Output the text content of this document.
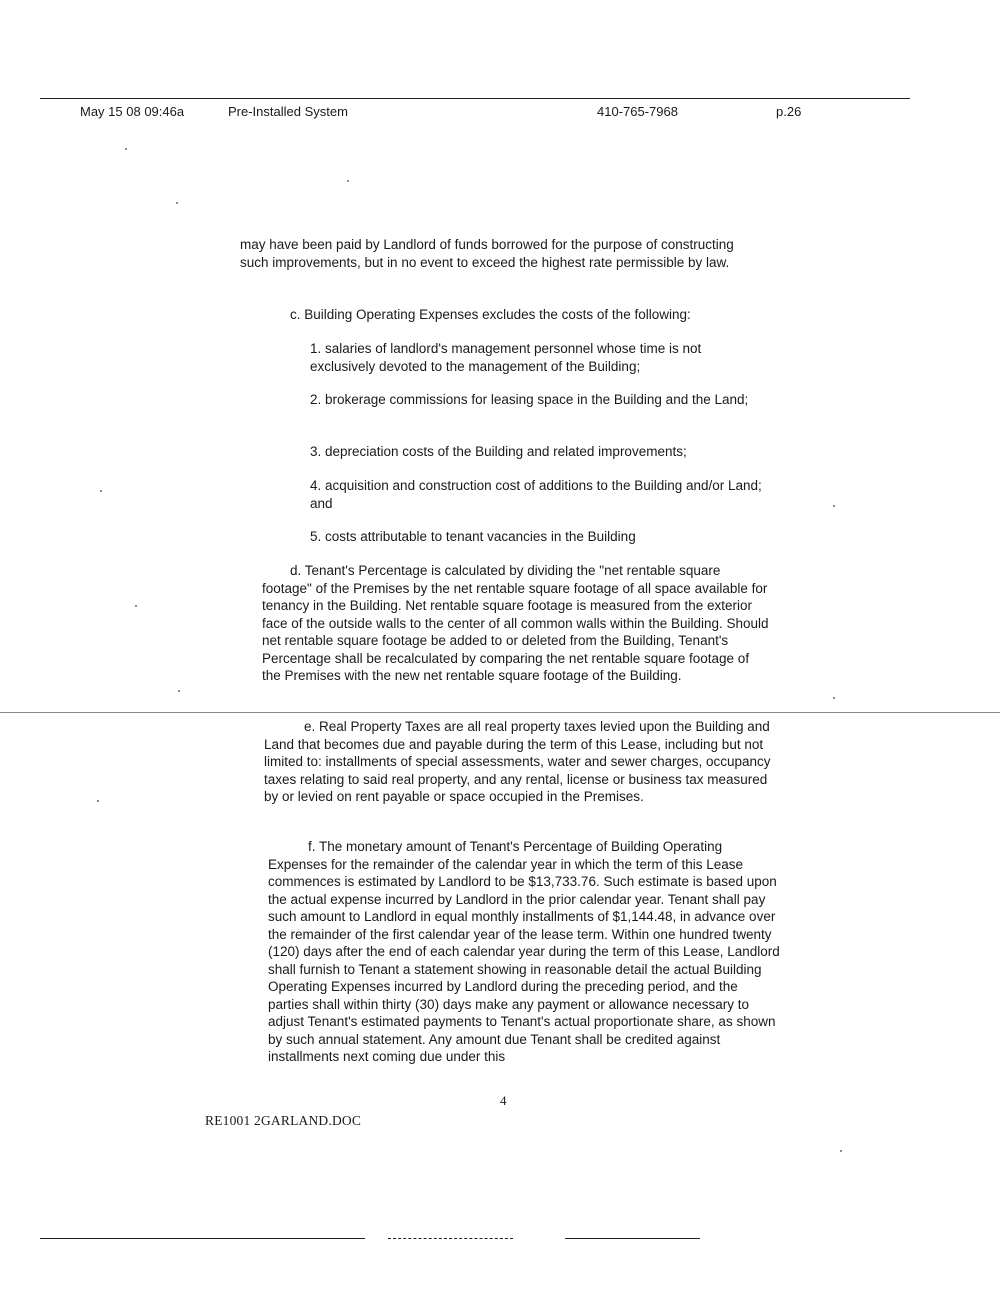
May 15 08 09:46a	Pre-Installed System	410-765-7968	p.26

may have been paid by Landlord of funds borrowed for the purpose of constructing such improvements, but in no event to exceed the highest rate permissible by law.

c. Building Operating Expenses excludes the costs of the following:

1. salaries of landlord's management personnel whose time is not exclusively devoted to the management of the Building;

2. brokerage commissions for leasing space in the Building and the Land;

3. depreciation costs of the Building and related improvements;

4. acquisition and construction cost of additions to the Building and/or Land; and

5. costs attributable to tenant vacancies in the Building

d. Tenant's Percentage is calculated by dividing the "net rentable square footage" of the Premises by the net rentable square footage of all space available for tenancy in the Building. Net rentable square footage is measured from the exterior face of the outside walls to the center of all common walls within the Building. Should net rentable square footage be added to or deleted from the Building, Tenant's Percentage shall be recalculated by comparing the net rentable square footage of the Premises with the new net rentable square footage of the Building.

e. Real Property Taxes are all real property taxes levied upon the Building and Land that becomes due and payable during the term of this Lease, including but not limited to: installments of special assessments, water and sewer charges, occupancy taxes relating to said real property, and any rental, license or business tax measured by or levied on rent payable or space occupied in the Premises.

f. The monetary amount of Tenant's Percentage of Building Operating Expenses for the remainder of the calendar year in which the term of this Lease commences is estimated by Landlord to be $13,733.76. Such estimate is based upon the actual expense incurred by Landlord in the prior calendar year. Tenant shall pay such amount to Landlord in equal monthly installments of $1,144.48, in advance over the remainder of the first calendar year of the lease term. Within one hundred twenty (120) days after the end of each calendar year during the term of this Lease, Landlord shall furnish to Tenant a statement showing in reasonable detail the actual Building Operating Expenses incurred by Landlord during the preceding period, and the parties shall within thirty (30) days make any payment or allowance necessary to adjust Tenant's estimated payments to Tenant's actual proportionate share, as shown by such annual statement. Any amount due Tenant shall be credited against installments next coming due under this

4
RE1001 2GARLAND.DOC
